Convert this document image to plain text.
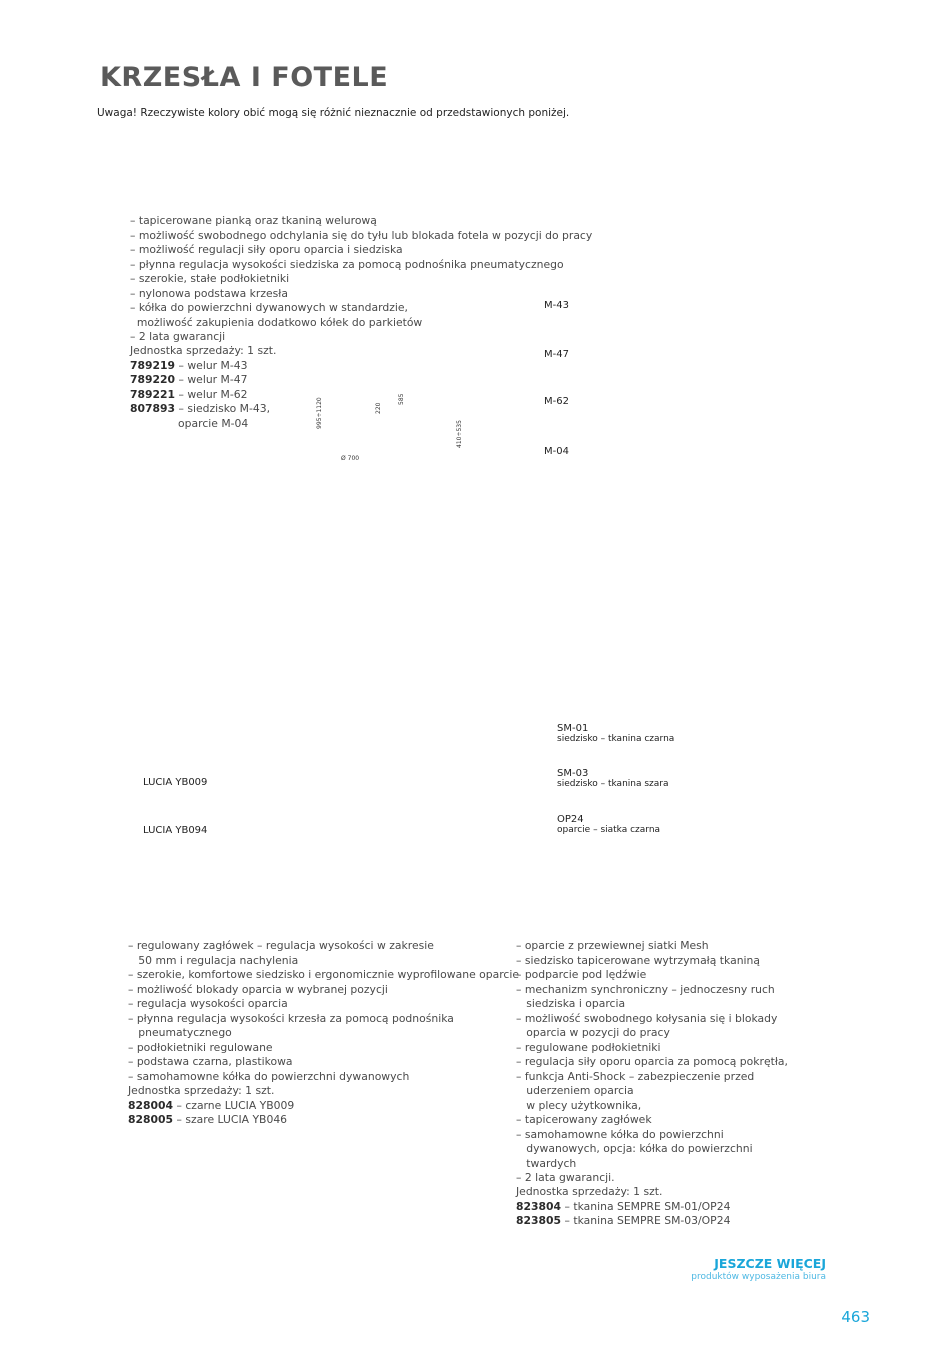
KRZESŁA I FOTELE
Uwaga! Rzeczywiste kolory obić mogą się różnić nieznacznie od przedstawionych poniżej.
– tapicerowane pianką oraz tkaniną welurową
– możliwość swobodnego odchylania się do tyłu lub blokada fotela w pozycji do pracy
– możliwość regulacji siły oporu oparcia i siedziska
– płynna regulacja wysokości siedziska za pomocą podnośnika pneumatycznego
– szerokie, stałe podłokietniki
– nylonowa podstawa krzesła
– kółka do powierzchni dywanowych w standardzie,
możliwość zakupienia dodatkowo kółek do parkietów
– 2 lata gwarancji
Jednostka sprzedaży: 1 szt.
789219 – welur M-43
789220 – welur M-47
789221 – welur M-62
807893 – siedzisko M-43,
oparcie M-04	995÷1120	220
585
410÷535
Ø 700
M-43
M-47
M-62
M-04
LUCIA YB009
LUCIA YB094
SM-01
siedzisko – tkanina czarna
SM-03
siedzisko – tkanina szara
OP24
oparcie – siatka czarna
– regulowany zagłówek – regulacja wysokości w zakresie
50 mm i regulacja nachylenia
– szerokie, komfortowe siedzisko i ergonomicznie wyprofilowane oparcie
– możliwość blokady oparcia w wybranej pozycji
– regulacja wysokości oparcia
– płynna regulacja wysokości krzesła za pomocą podnośnika
pneumatycznego
– podłokietniki regulowane
– podstawa czarna, plastikowa
– samohamowne kółka do powierzchni dywanowych
Jednostka sprzedaży: 1 szt.
828004 – czarne LUCIA YB009
828005 – szare LUCIA YB046
– oparcie z przewiewnej siatki Mesh
– siedzisko tapicerowane wytrzymałą tkaniną
– podparcie pod lędźwie
– mechanizm synchroniczny – jednoczesny ruch
siedziska i oparcia
– możliwość swobodnego kołysania się i blokady
oparcia w pozycji do pracy
– regulowane podłokietniki
– regulacja siły oporu oparcia za pomocą pokrętła,
– funkcja Anti-Shock – zabezpieczenie przed
uderzeniem oparcia
w plecy użytkownika,
– tapicerowany zagłówek
– samohamowne kółka do powierzchni
dywanowych, opcja: kółka do powierzchni
twardych
– 2 lata gwarancji.
Jednostka sprzedaży: 1 szt.
823804 – tkanina SEMPRE SM-01/OP24
823805 – tkanina SEMPRE SM-03/OP24
JESZCZE WIĘCEJ
produktów wyposażenia biura
463
